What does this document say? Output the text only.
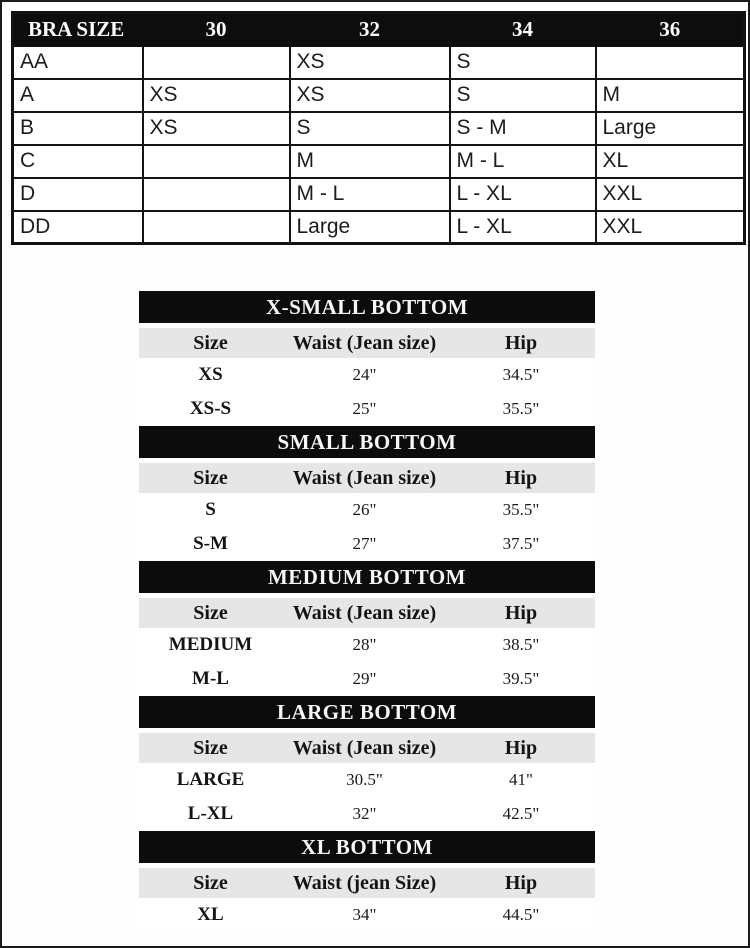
BRA SIZE	30	32	34	36
AA		XS	S	
A	XS	XS	S	M
B	XS	S	S - M	Large
C		M	M - L	XL
D		M - L	L - XL	XXL
DD		Large	L - XL	XXL
X-SMALL BOTTOM
Size	Waist (Jean size)	Hip
XS	24"	34.5"
XS-S	25"	35.5"
SMALL BOTTOM
Size	Waist (Jean size)	Hip
S	26"	35.5"
S-M	27"	37.5"
MEDIUM BOTTOM
Size	Waist (Jean size)	Hip
MEDIUM	28"	38.5"
M-L	29"	39.5"
LARGE BOTTOM
Size	Waist (Jean size)	Hip
LARGE	30.5"	41"
L-XL	32"	42.5"
XL BOTTOM
Size	Waist (jean Size)	Hip
XL	34"	44.5"
